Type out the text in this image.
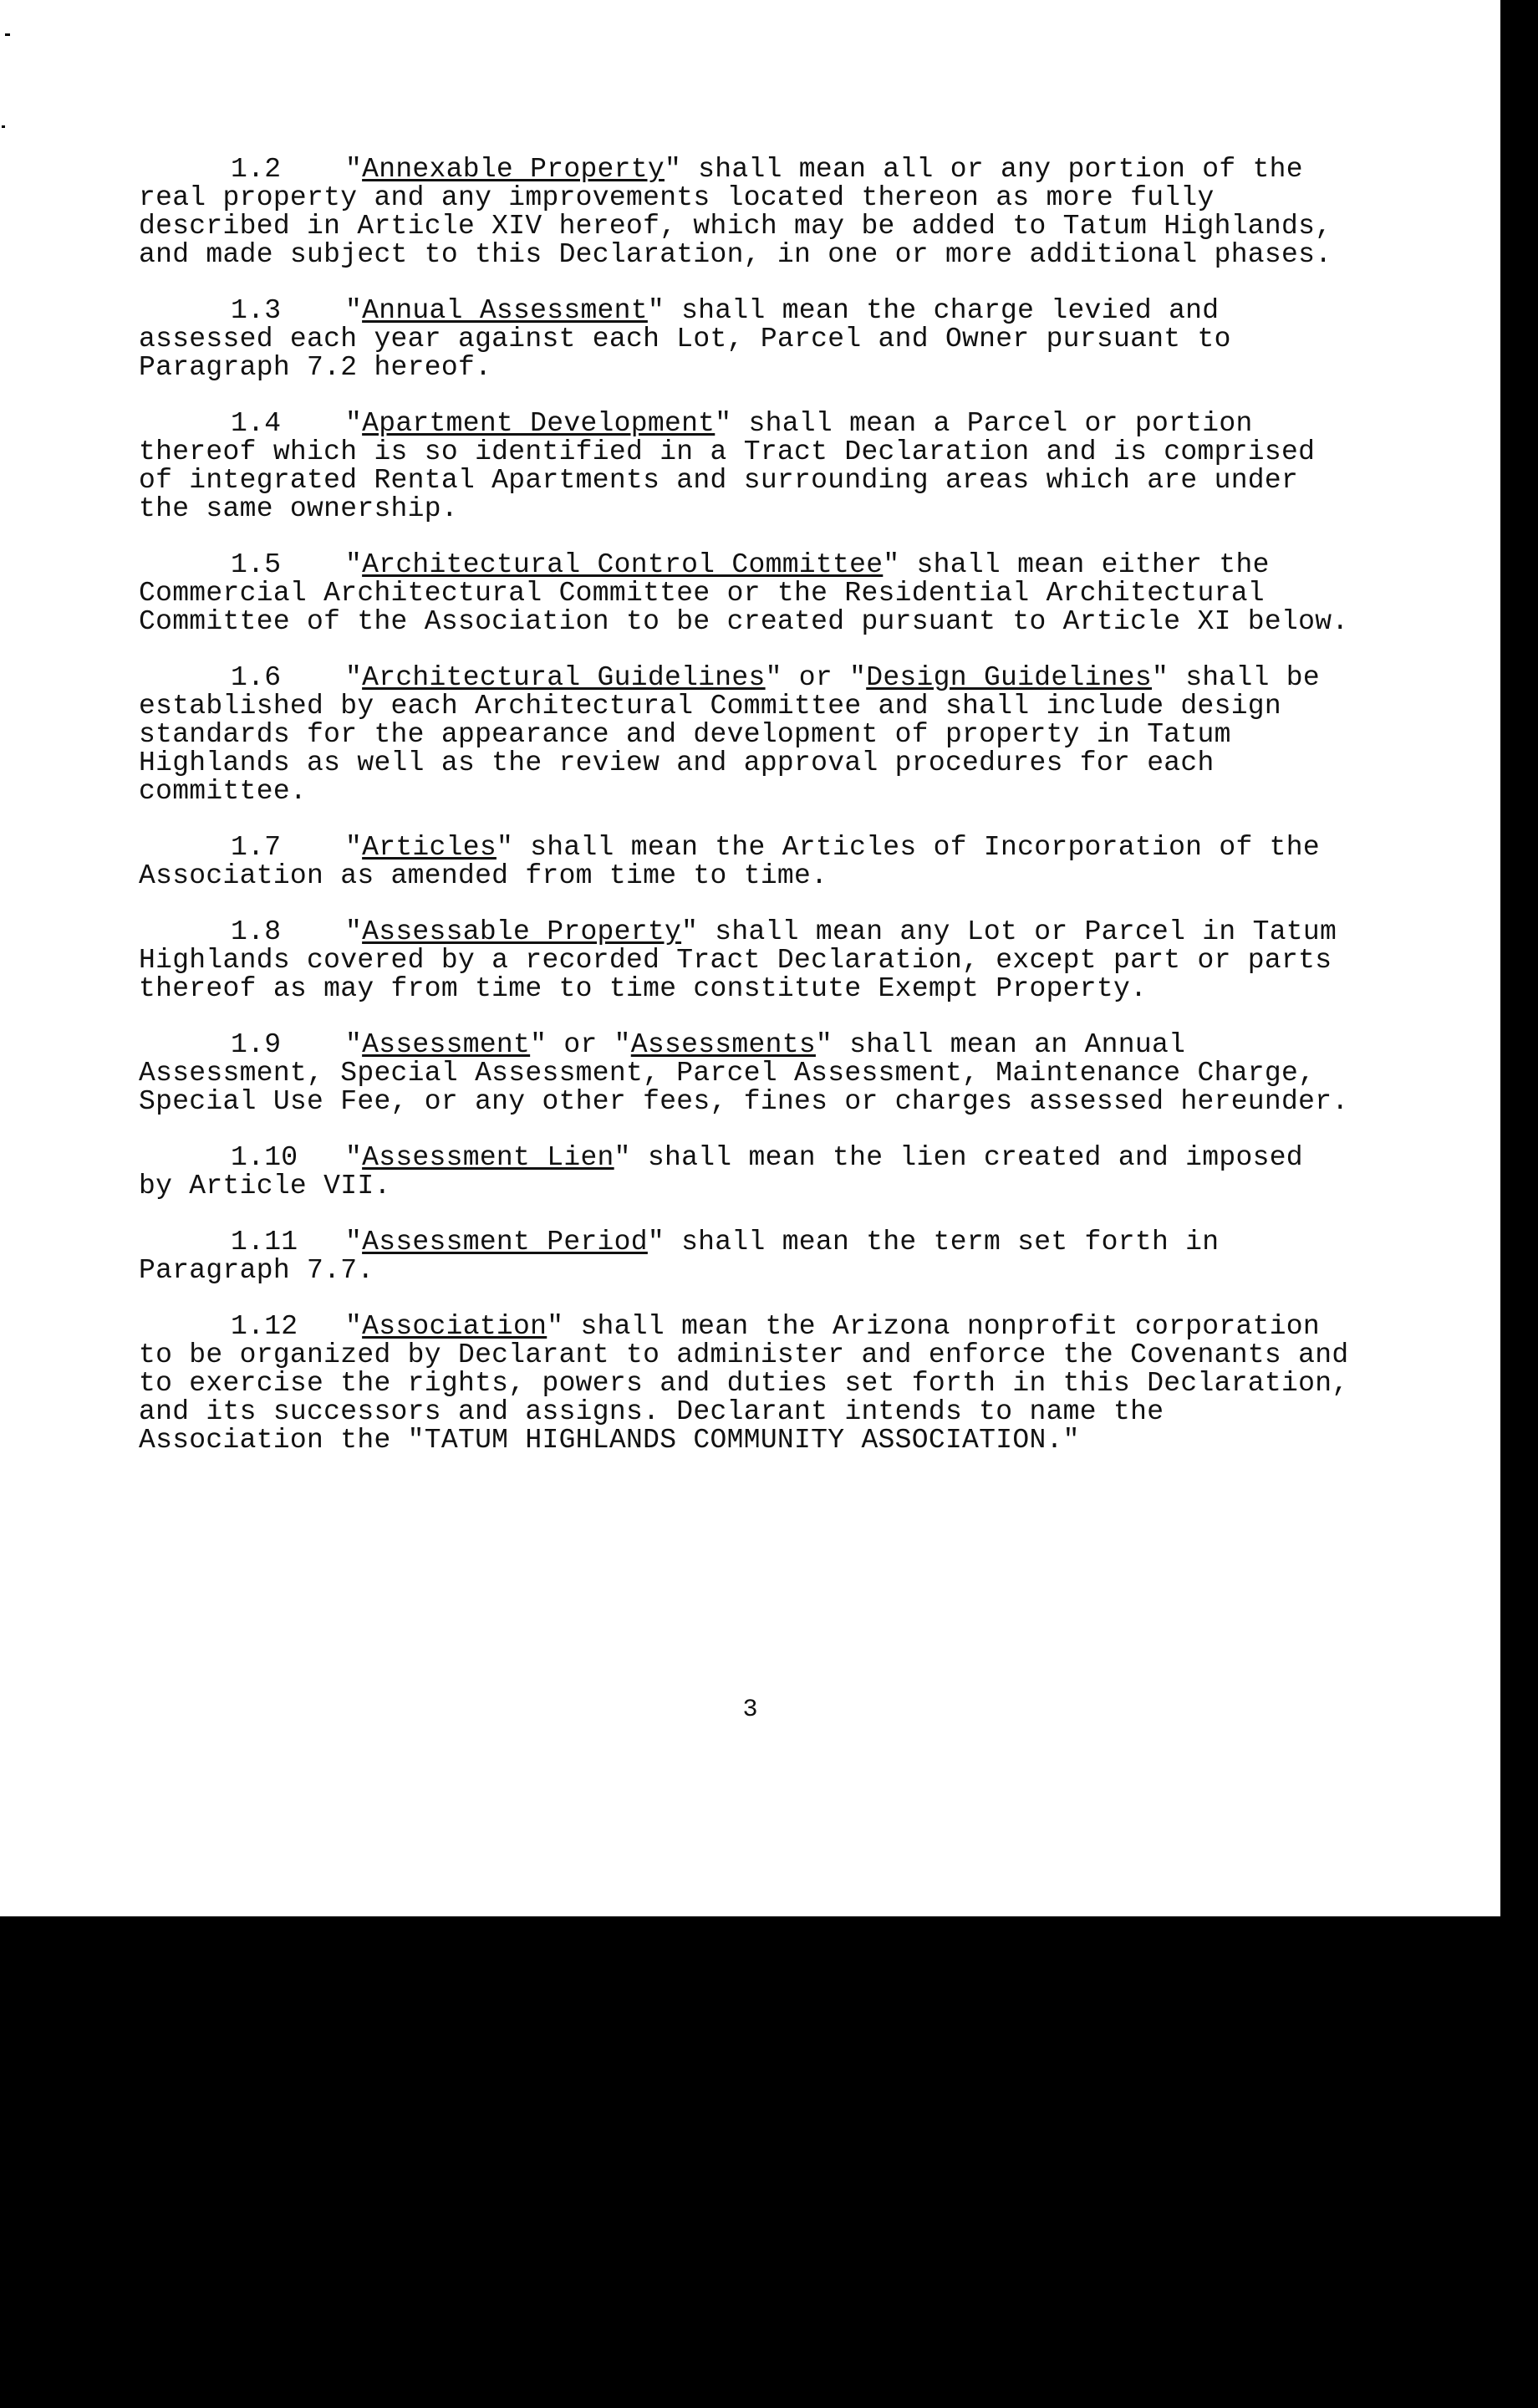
1.2 "Annexable Property" shall mean all or any portion of the real property and any improvements located thereon as more fully described in Article XIV hereof, which may be added to Tatum Highlands, and made subject to this Declaration, in one or more additional phases.

1.3 "Annual Assessment" shall mean the charge levied and assessed each year against each Lot, Parcel and Owner pursuant to Paragraph 7.2 hereof.

1.4 "Apartment Development" shall mean a Parcel or portion thereof which is so identified in a Tract Declaration and is comprised of integrated Rental Apartments and surrounding areas which are under the same ownership.

1.5 "Architectural Control Committee" shall mean either the Commercial Architectural Committee or the Residential Architectural Committee of the Association to be created pursuant to Article XI below.

1.6 "Architectural Guidelines" or "Design Guidelines" shall be established by each Architectural Committee and shall include design standards for the appearance and development of property in Tatum Highlands as well as the review and approval procedures for each committee.

1.7 "Articles" shall mean the Articles of Incorporation of the Association as amended from time to time.

1.8 "Assessable Property" shall mean any Lot or Parcel in Tatum Highlands covered by a recorded Tract Declaration, except part or parts thereof as may from time to time constitute Exempt Property.

1.9 "Assessment" or "Assessments" shall mean an Annual Assessment, Special Assessment, Parcel Assessment, Maintenance Charge, Special Use Fee, or any other fees, fines or charges assessed hereunder.

1.10 "Assessment Lien" shall mean the lien created and imposed by Article VII.

1.11 "Assessment Period" shall mean the term set forth in Paragraph 7.7.

1.12 "Association" shall mean the Arizona nonprofit corporation to be organized by Declarant to administer and enforce the Covenants and to exercise the rights, powers and duties set forth in this Declaration, and its successors and assigns. Declarant intends to name the Association the "TATUM HIGHLANDS COMMUNITY ASSOCIATION."

3
